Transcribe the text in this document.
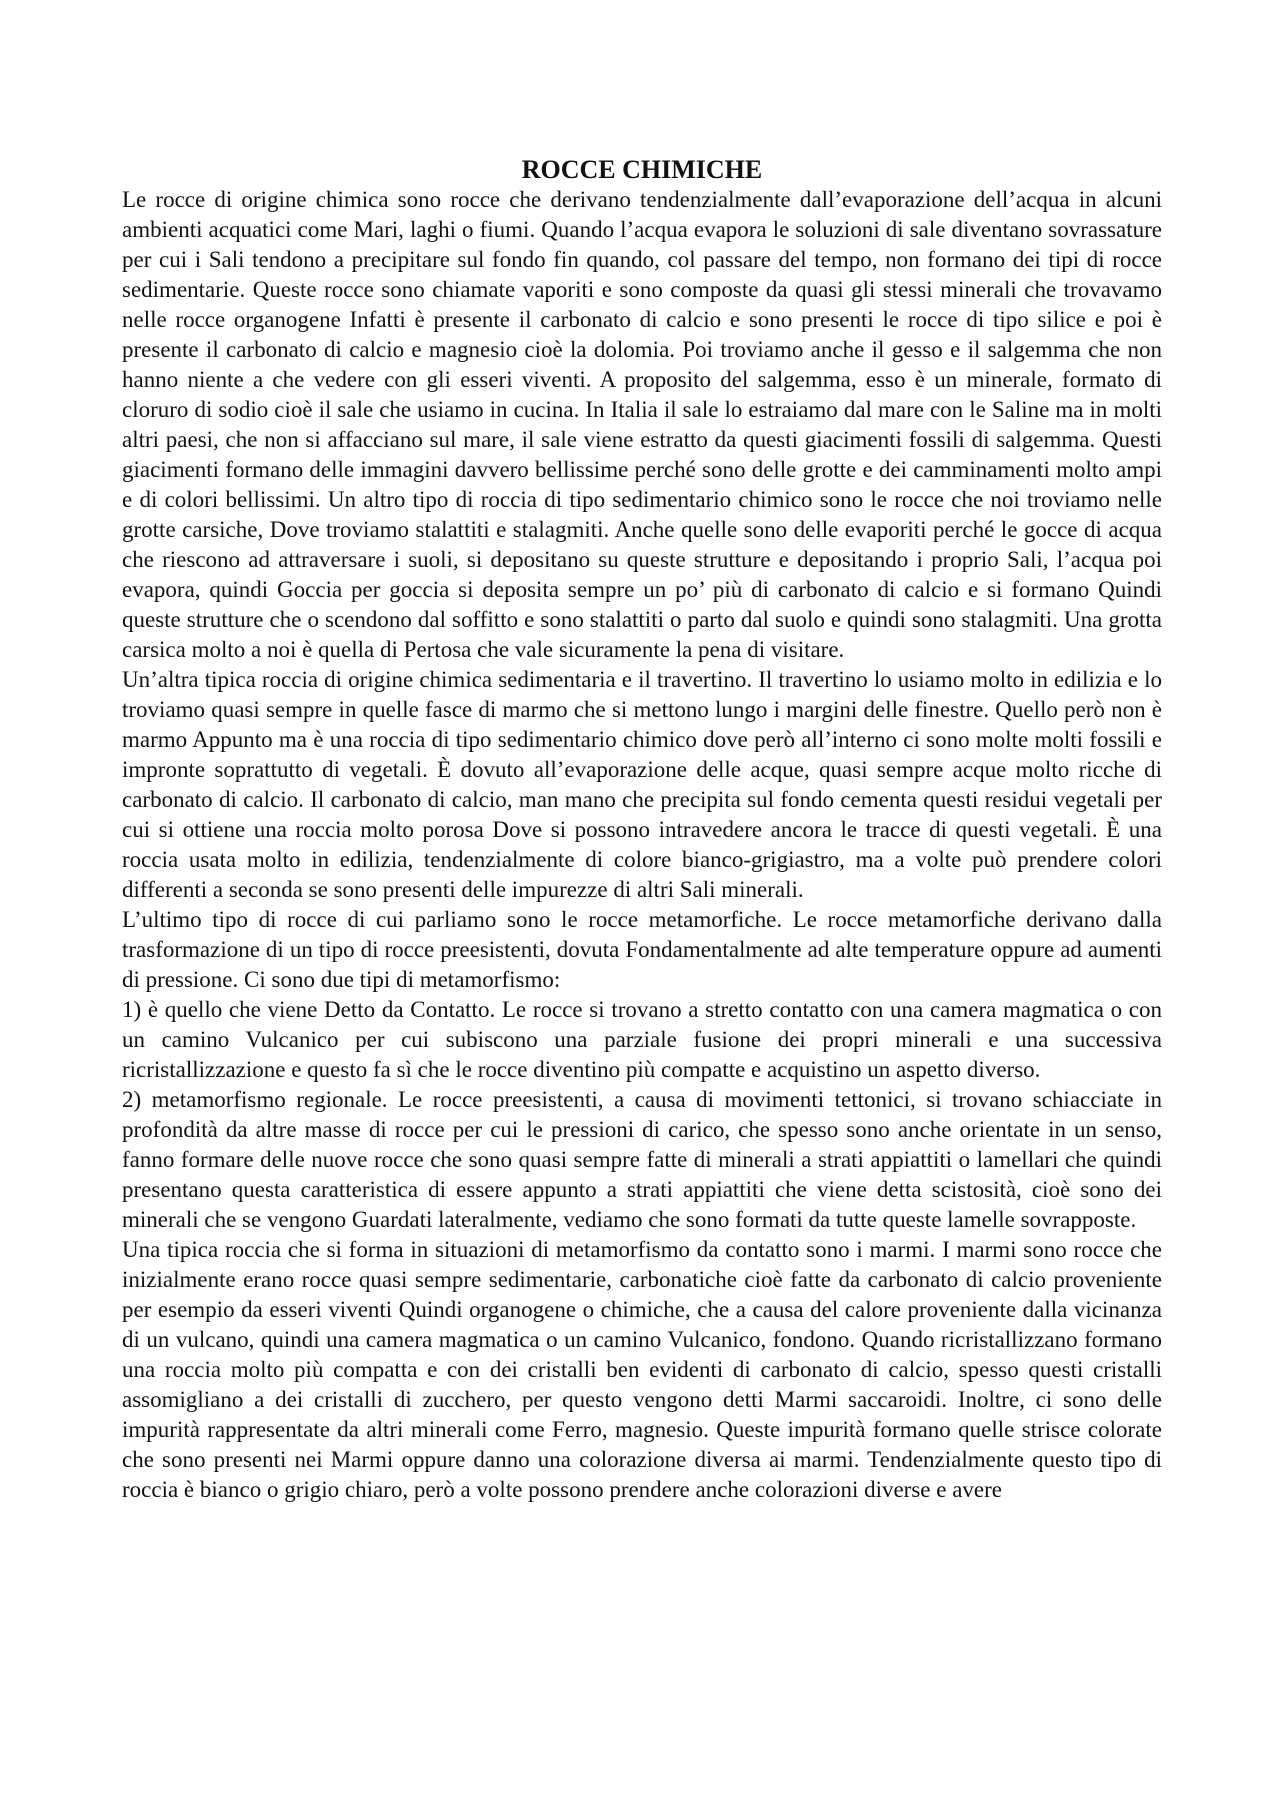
ROCCE CHIMICHE

Le rocce di origine chimica sono rocce che derivano tendenzialmente dall’evaporazione dell’acqua in alcuni ambienti acquatici come Mari, laghi o fiumi. Quando l’acqua evapora le soluzioni di sale diventano sovrassature per cui i Sali tendono a precipitare sul fondo fin quando, col passare del tempo, non formano dei tipi di rocce sedimentarie. Queste rocce sono chiamate vaporiti e sono composte da quasi gli stessi minerali che trovavamo nelle rocce organogene Infatti è presente il carbonato di calcio e sono presenti le rocce di tipo silice e poi è presente il carbonato di calcio e magnesio cioè la dolomia. Poi troviamo anche il gesso e il salgemma che non hanno niente a che vedere con gli esseri viventi. A proposito del salgemma, esso è un minerale, formato di cloruro di sodio cioè il sale che usiamo in cucina. In Italia il sale lo estraiamo dal mare con le Saline ma in molti altri paesi, che non si affacciano sul mare, il sale viene estratto da questi giacimenti fossili di salgemma. Questi giacimenti formano delle immagini davvero bellissime perché sono delle grotte e dei camminamenti molto ampi e di colori bellissimi. Un altro tipo di roccia di tipo sedimentario chimico sono le rocce che noi troviamo nelle grotte carsiche, Dove troviamo stalattiti e stalagmiti. Anche quelle sono delle evaporiti perché le gocce di acqua che riescono ad attraversare i suoli, si depositano su queste strutture e depositando i proprio Sali, l’acqua poi evapora, quindi Goccia per goccia si deposita sempre un po’ più di carbonato di calcio e si formano Quindi queste strutture che o scendono dal soffitto e sono stalattiti o parto dal suolo e quindi sono stalagmiti. Una grotta carsica molto a noi è quella di Pertosa che vale sicuramente la pena di visitare.

Un’altra tipica roccia di origine chimica sedimentaria e il travertino. Il travertino lo usiamo molto in edilizia e lo troviamo quasi sempre in quelle fasce di marmo che si mettono lungo i margini delle finestre. Quello però non è marmo Appunto ma è una roccia di tipo sedimentario chimico dove però all’interno ci sono molte molti fossili e impronte soprattutto di vegetali. È dovuto all’evaporazione delle acque, quasi sempre acque molto ricche di carbonato di calcio. Il carbonato di calcio, man mano che precipita sul fondo cementa questi residui vegetali per cui si ottiene una roccia molto porosa Dove si possono intravedere ancora le tracce di questi vegetali. È una roccia usata molto in edilizia, tendenzialmente di colore bianco-grigiastro, ma a volte può prendere colori differenti a seconda se sono presenti delle impurezze di altri Sali minerali.

L’ultimo tipo di rocce di cui parliamo sono le rocce metamorfiche. Le rocce metamorfiche derivano dalla trasformazione di un tipo di rocce preesistenti, dovuta Fondamentalmente ad alte temperature oppure ad aumenti di pressione. Ci sono due tipi di metamorfismo:

1) è quello che viene Detto da Contatto. Le rocce si trovano a stretto contatto con una camera magmatica o con un camino Vulcanico per cui subiscono una parziale fusione dei propri minerali e una successiva ricristallizzazione e questo fa sì che le rocce diventino più compatte e acquistino un aspetto diverso.

2) metamorfismo regionale. Le rocce preesistenti, a causa di movimenti tettonici, si trovano schiacciate in profondità da altre masse di rocce per cui le pressioni di carico, che spesso sono anche orientate in un senso, fanno formare delle nuove rocce che sono quasi sempre fatte di minerali a strati appiattiti o lamellari che quindi presentano questa caratteristica di essere appunto a strati appiattiti che viene detta scistosità, cioè sono dei minerali che se vengono Guardati lateralmente, vediamo che sono formati da tutte queste lamelle sovrapposte.

Una tipica roccia che si forma in situazioni di metamorfismo da contatto sono i marmi. I marmi sono rocce che inizialmente erano rocce quasi sempre sedimentarie, carbonatiche cioè fatte da carbonato di calcio proveniente per esempio da esseri viventi Quindi organogene o chimiche, che a causa del calore proveniente dalla vicinanza di un vulcano, quindi una camera magmatica o un camino Vulcanico, fondono. Quando ricristallizzano formano una roccia molto più compatta e con dei cristalli ben evidenti di carbonato di calcio, spesso questi cristalli assomigliano a dei cristalli di zucchero, per questo vengono detti Marmi saccaroidi. Inoltre, ci sono delle impurità rappresentate da altri minerali come Ferro, magnesio. Queste impurità formano quelle strisce colorate che sono presenti nei Marmi oppure danno una colorazione diversa ai marmi. Tendenzialmente questo tipo di roccia è bianco o grigio chiaro, però a volte possono prendere anche colorazioni diverse e avere
